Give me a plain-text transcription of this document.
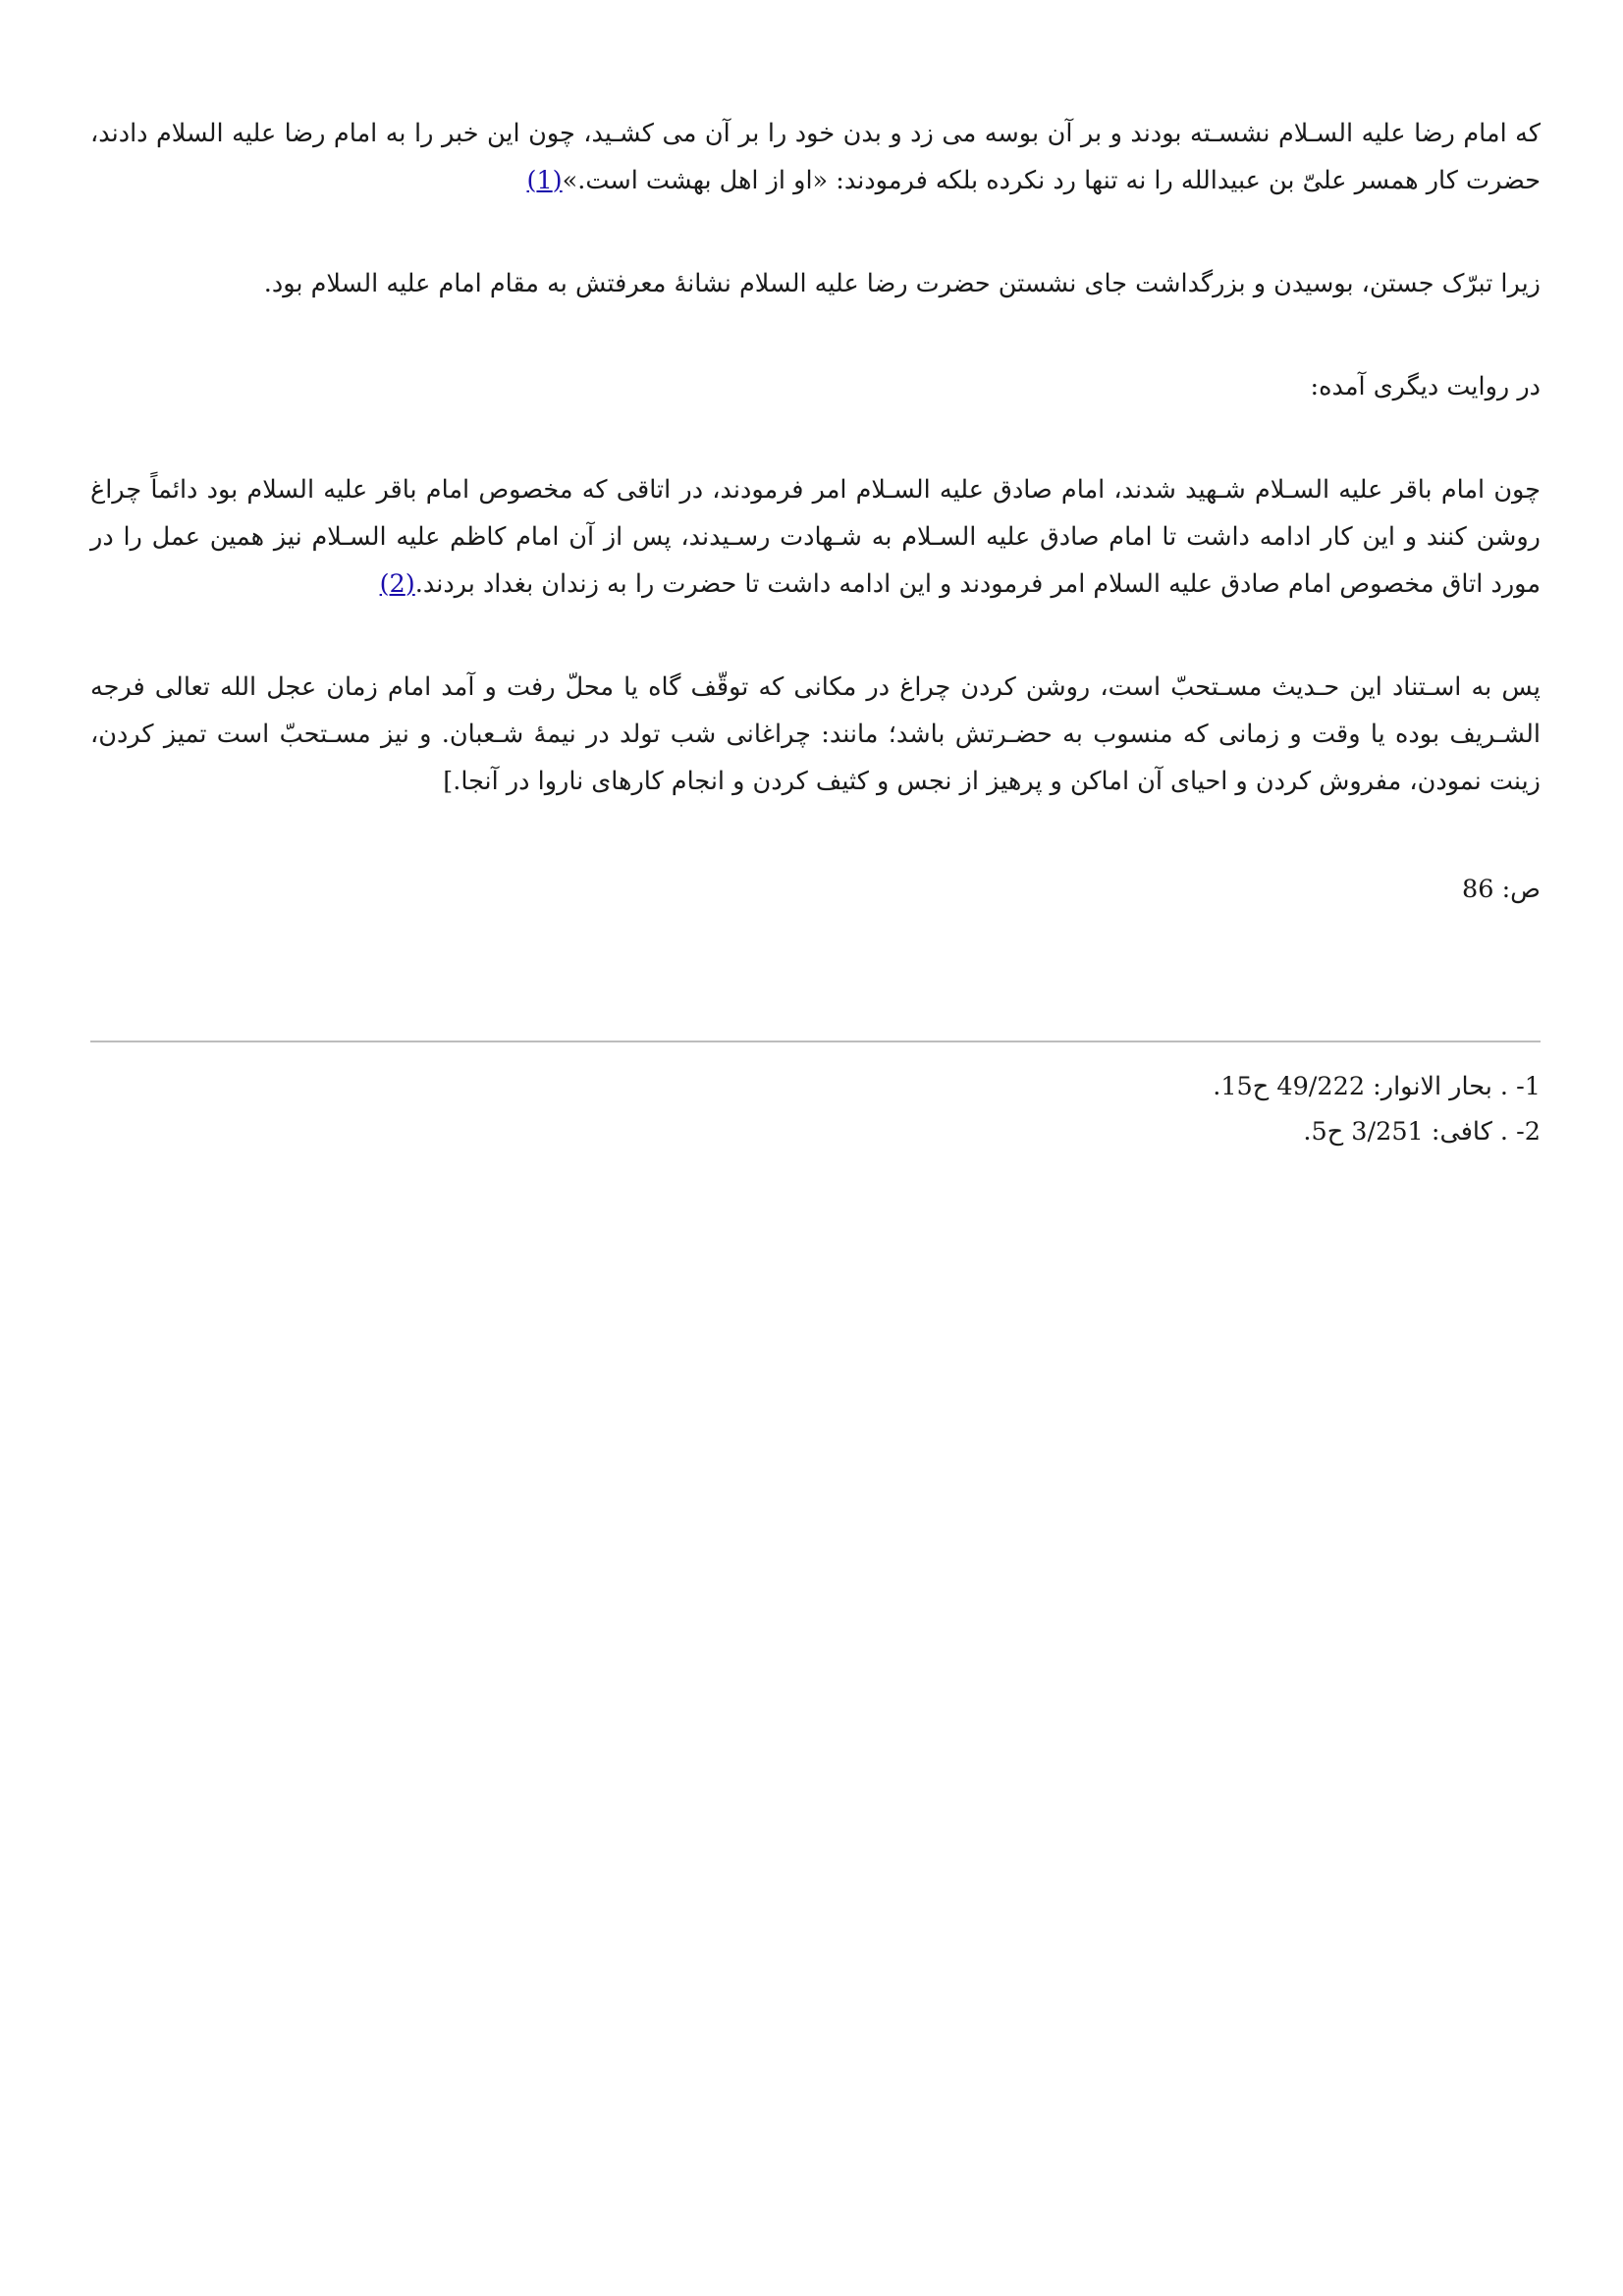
که امام رضا علیه السـلام نشسـته بودند و بر آن بوسه می زد و بدن خود را بر آن می کشـید، چون این خبر را به امام رضا علیه السلام دادند، حضرت کار همسر علیّ بن عبیدالله را نه تنها رد نکرده بلکه فرمودند: «او از اهل بهشت است.»(1)

زیرا تبرّک جستن، بوسیدن و بزرگداشت جای نشستن حضرت رضا علیه السلام نشانهٔ معرفتش به مقام امام علیه السلام بود.

در روایت دیگری آمده:

چون امام باقر علیه السـلام شـهید شدند، امام صادق علیه السـلام امر فرمودند، در اتاقی که مخصوص امام باقر علیه السلام بود دائماً چراغ روشن کنند و این کار ادامه داشت تا امام صادق علیه السـلام به شـهادت رسـیدند، پس از آن امام کاظم علیه السـلام نیز همین عمل را در مورد اتاق مخصوص امام صادق علیه السلام امر فرمودند و این ادامه داشت تا حضرت را به زندان بغداد بردند.(2)

پس به اسـتناد این حـدیث مسـتحبّ است، روشن کردن چراغ در مکانی که توقّف گاه یا محلّ رفت و آمد امام زمان عجل الله تعالی فرجه الشـریف بوده یا وقت و زمانی که منسوب به حضـرتش باشد؛ مانند: چراغانی شب تولد در نیمهٔ شـعبان. و نیز مسـتحبّ است تمیز کردن، زینت نمودن، مفروش کردن و احیای آن اماکن و پرهیز از نجس و کثیف کردن و انجام کارهای ناروا در آنجا.]

ص: 86

1- . بحار الانوار: 49/222 ح15.

2- . کافی: 3/251 ح5.
